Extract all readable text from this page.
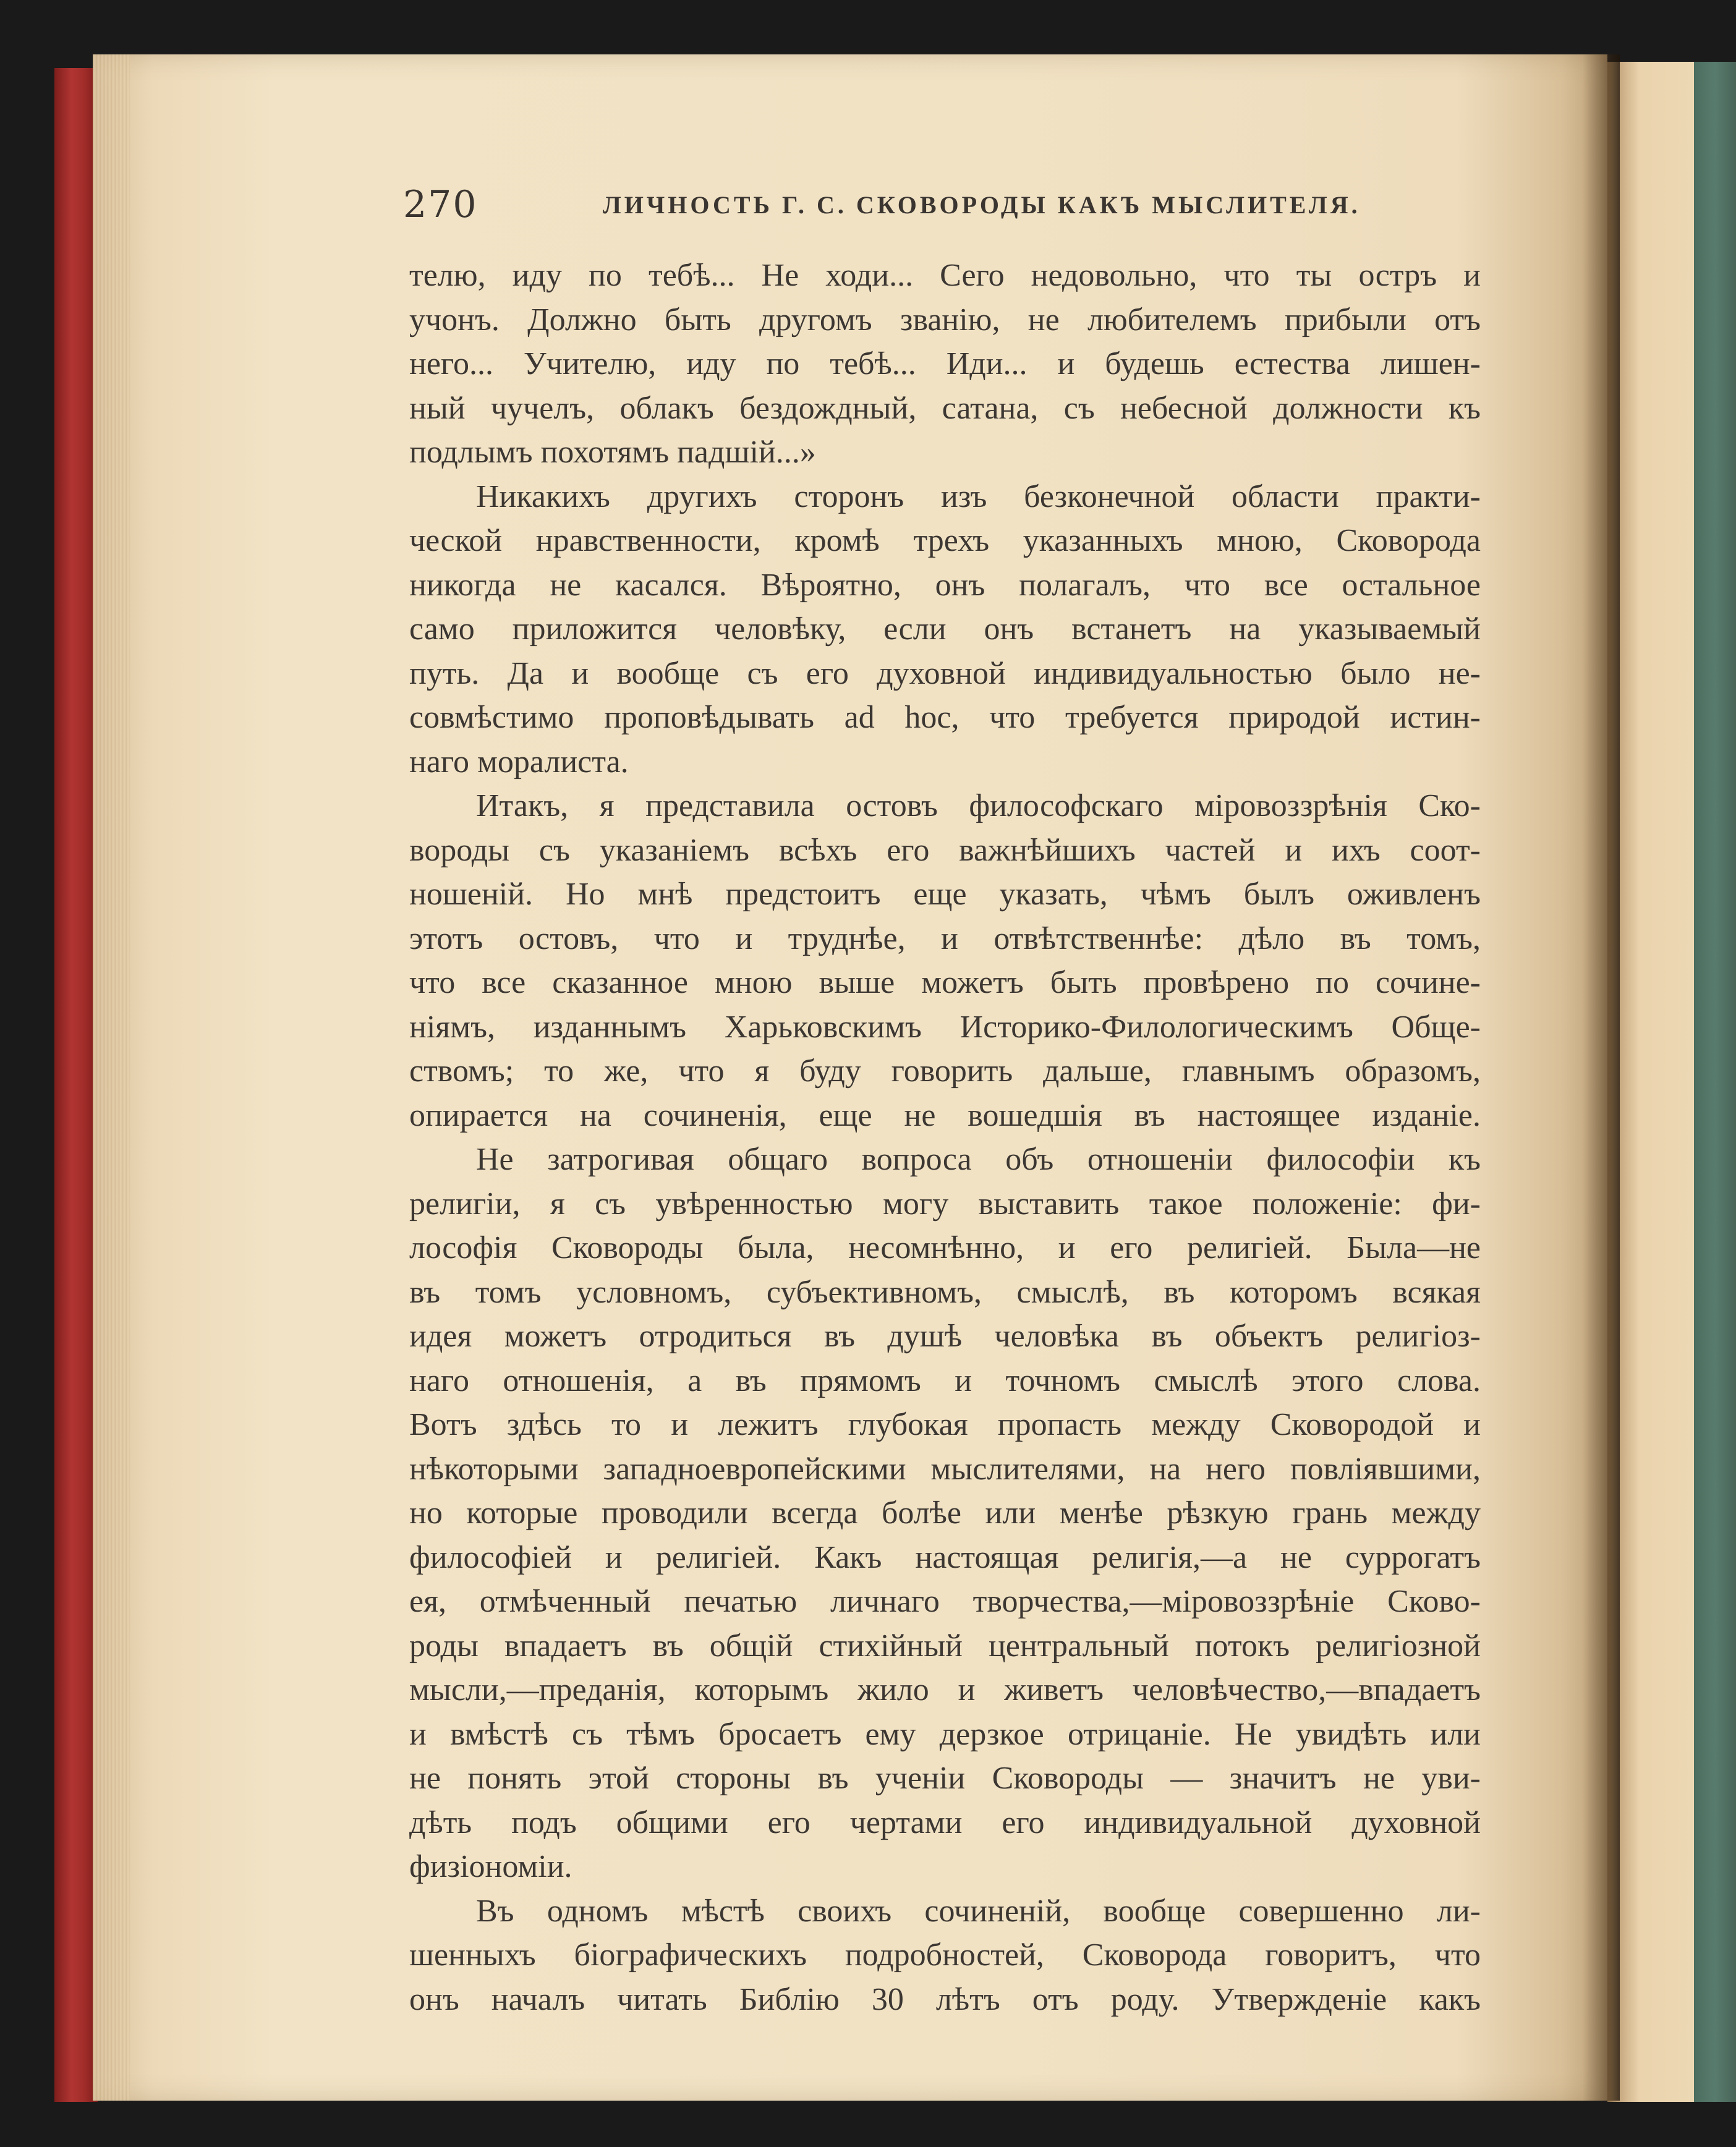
270	ЛИЧНОСТЬ Г. С. СКОВОРОДЫ КАКЪ МЫСЛИТЕЛЯ.
телю, иду по тебѣ... Не ходи... Сего недовольно, что ты остръ и
учонъ. Должно быть другомъ званію, не любителемъ прибыли отъ
него... Учителю, иду по тебѣ... Иди... и будешь естества лишен-
ный чучелъ, облакъ бездождный, сатана, съ небесной должности къ
подлымъ похотямъ падшій...»
Никакихъ другихъ сторонъ изъ безконечной области практи-
ческой нравственности, кромѣ трехъ указанныхъ мною, Сковорода
никогда не касался. Вѣроятно, онъ полагалъ, что все остальное
само приложится человѣку, если онъ встанетъ на указываемый
путь. Да и вообще съ его духовной индивидуальностью было не-
совмѣстимо проповѣдывать ad hoc, что требуется природой истин-
наго моралиста.
Итакъ, я представила остовъ философскаго міровоззрѣнія Ско-
вороды съ указаніемъ всѣхъ его важнѣйшихъ частей и ихъ соот-
ношеній. Но мнѣ предстоитъ еще указать, чѣмъ былъ оживленъ
этотъ остовъ, что и труднѣе, и отвѣтственнѣе: дѣло въ томъ,
что все сказанное мною выше можетъ быть провѣрено по сочине-
ніямъ, изданнымъ Харьковскимъ Историко-Филологическимъ Обще-
ствомъ; то же, что я буду говорить дальше, главнымъ образомъ,
опирается на сочиненія, еще не вошедшія въ настоящее изданіе.
Не затрогивая общаго вопроса объ отношеніи философіи къ
религіи, я съ увѣренностью могу выставить такое положеніе: фи-
лософія Сковороды была, несомнѣнно, и его религіей. Была—не
въ томъ условномъ, субъективномъ, смыслѣ, въ которомъ всякая
идея можетъ отродиться въ душѣ человѣка въ объектъ религіоз-
наго отношенія, а въ прямомъ и точномъ смыслѣ этого слова.
Вотъ здѣсь то и лежитъ глубокая пропасть между Сковородой и
нѣкоторыми западноевропейскими мыслителями, на него повліявшими,
но которые проводили всегда болѣе или менѣе рѣзкую грань между
философіей и религіей. Какъ настоящая религія,—а не суррогатъ
ея, отмѣченный печатью личнаго творчества,—міровоззрѣніе Сково-
роды впадаетъ въ общій стихійный центральный потокъ религіозной
мысли,—преданія, которымъ жило и живетъ человѣчество,—впадаетъ
и вмѣстѣ съ тѣмъ бросаетъ ему дерзкое отрицаніе. Не увидѣть или
не понять этой стороны въ ученіи Сковороды — значитъ не уви-
дѣть подъ общими его чертами его индивидуальной духовной
физіономіи.
Въ одномъ мѣстѣ своихъ сочиненій, вообще совершенно ли-
шенныхъ біографическихъ подробностей, Сковорода говоритъ, что
онъ началъ читать Библію 30 лѣтъ отъ роду. Утвержденіе какъ
